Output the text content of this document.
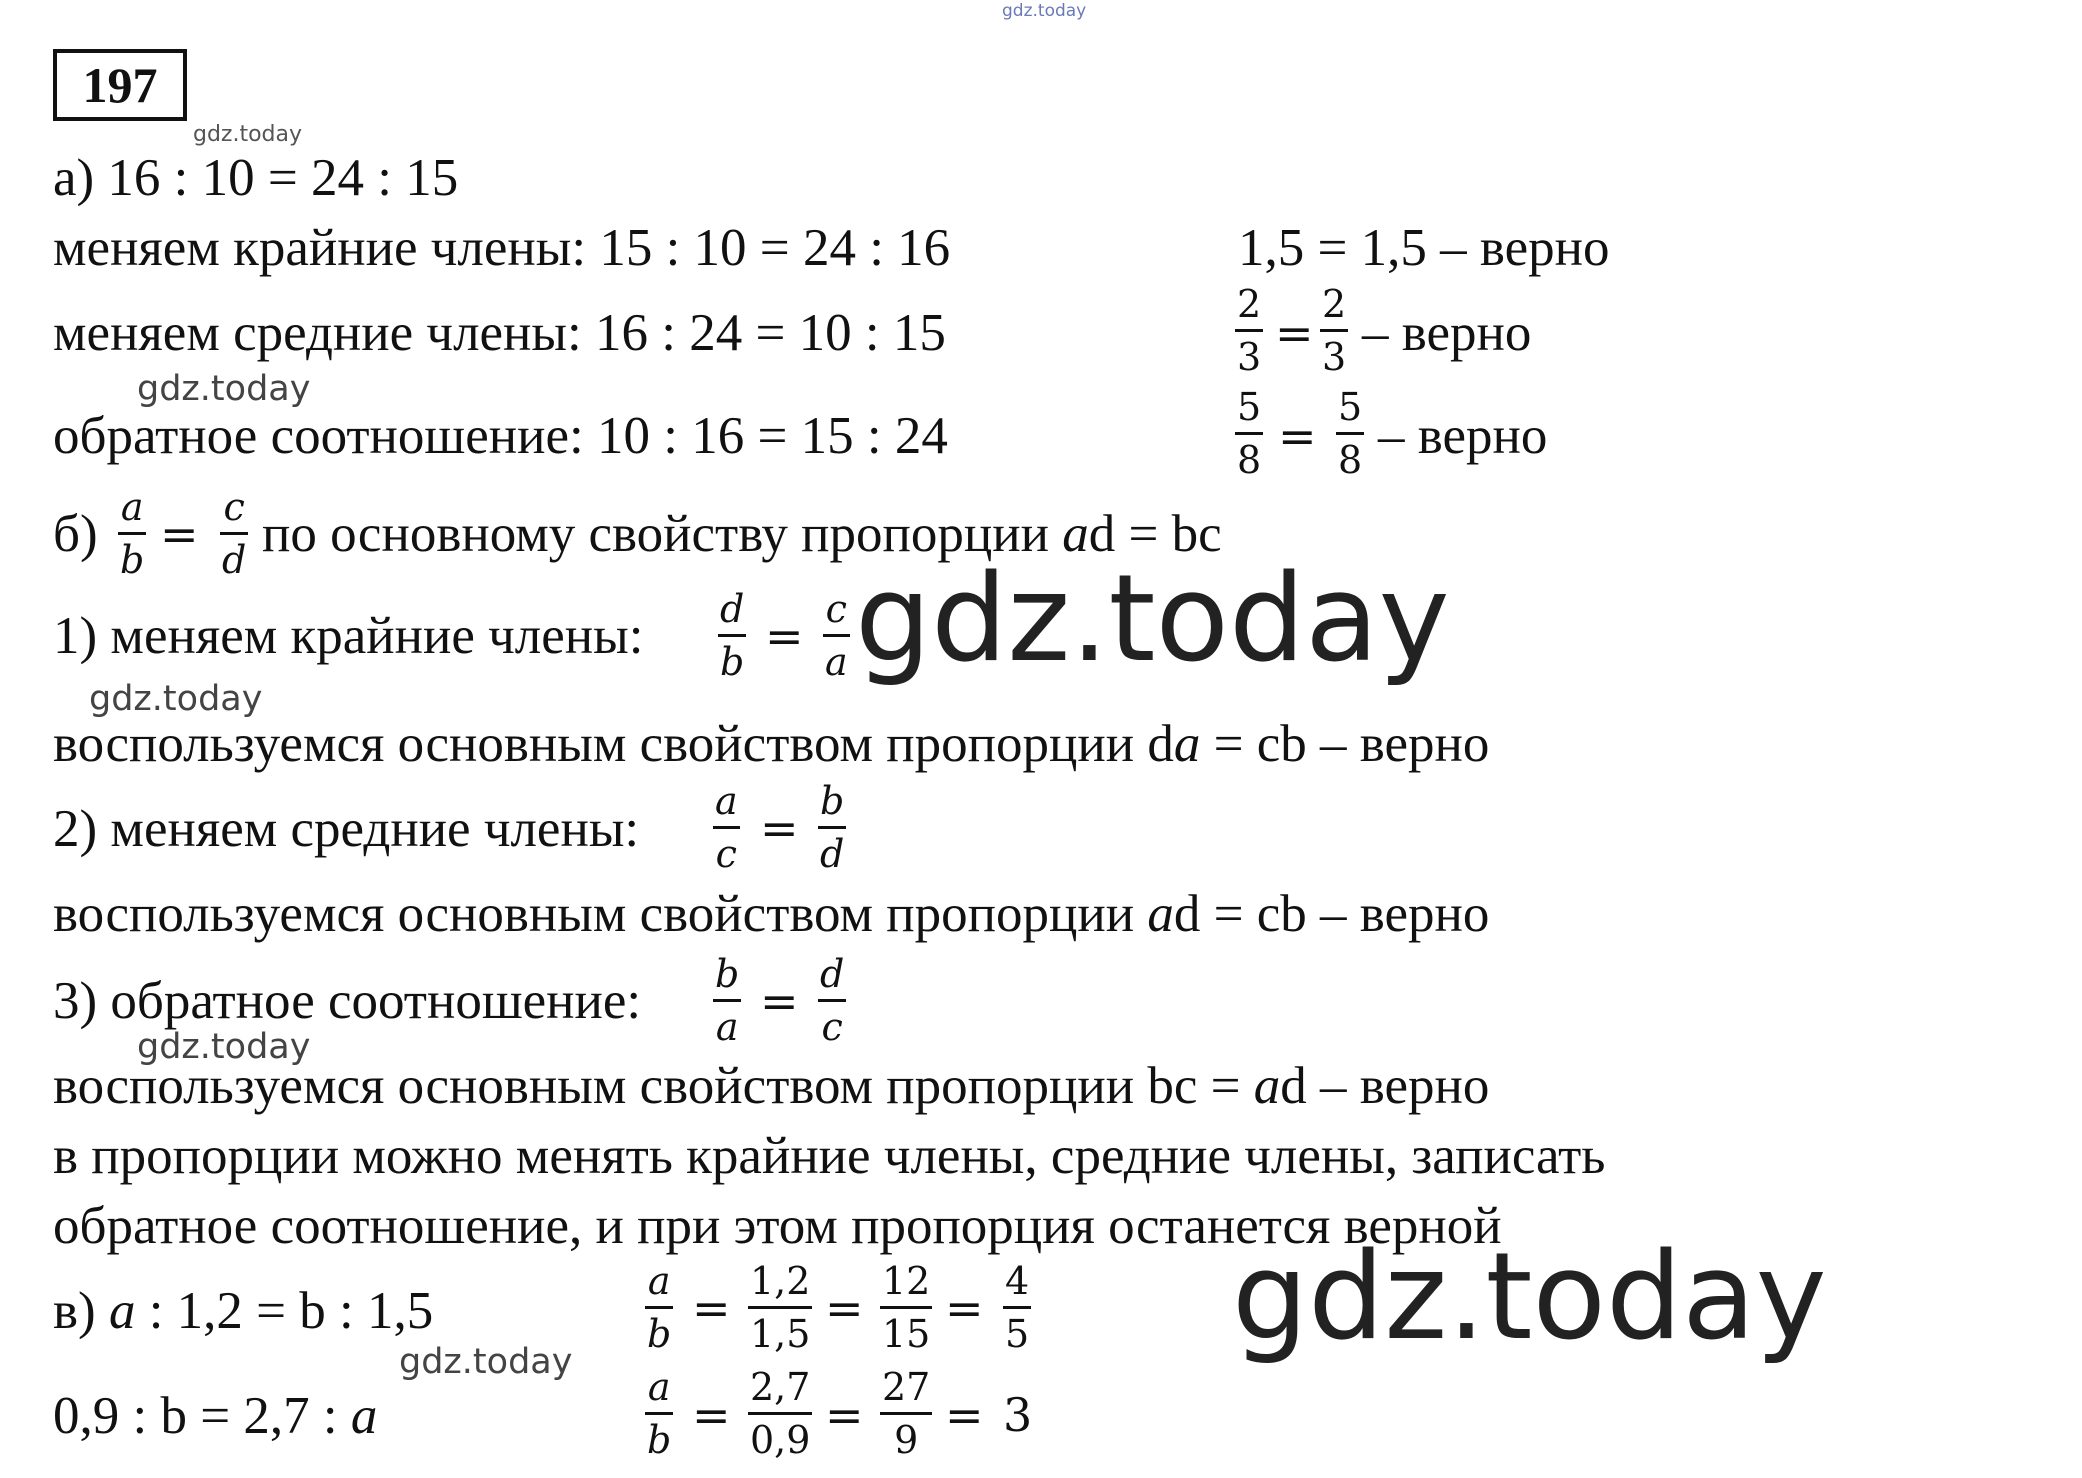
gdz.today
gdz.today
gdz.today
gdz.today
gdz.today
gdz.today
gdz.today
gdz.today
197
а) 16 : 10 = 24 : 15
меняем крайние члены: 15 : 10 = 24 : 16	1,5 = 1,5 – верно
меняем средние члены: 16 : 24 = 10 : 15	2
3 =
2
3 – верно
обратное соотношение: 10 : 16 = 15 : 24	5
8 =
5
8 – верно
б) a
b = c
d по основному свойству пропорции ad = bc
1) меняем крайние члены: d
b = c
a
воспользуемся основным свойством пропорции da = cb – верно
2) меняем средние члены: a
c = b
d
воспользуемся основным свойством пропорции ad = cb – верно
3) обратное соотношение: b
a = d
c
воспользуемся основным свойством пропорции bc = ad – верно
в пропорции можно менять крайние члены, средние члены, записать
обратное соотношение, и при этом пропорция останется верной
в) a : 1,2 = b : 1,5
a
b = 1,2
1,5 = 12
15 = 4
5
0,9 : b = 2,7 : a	a
b =
2,7
0,9 =
27
9 = 3
